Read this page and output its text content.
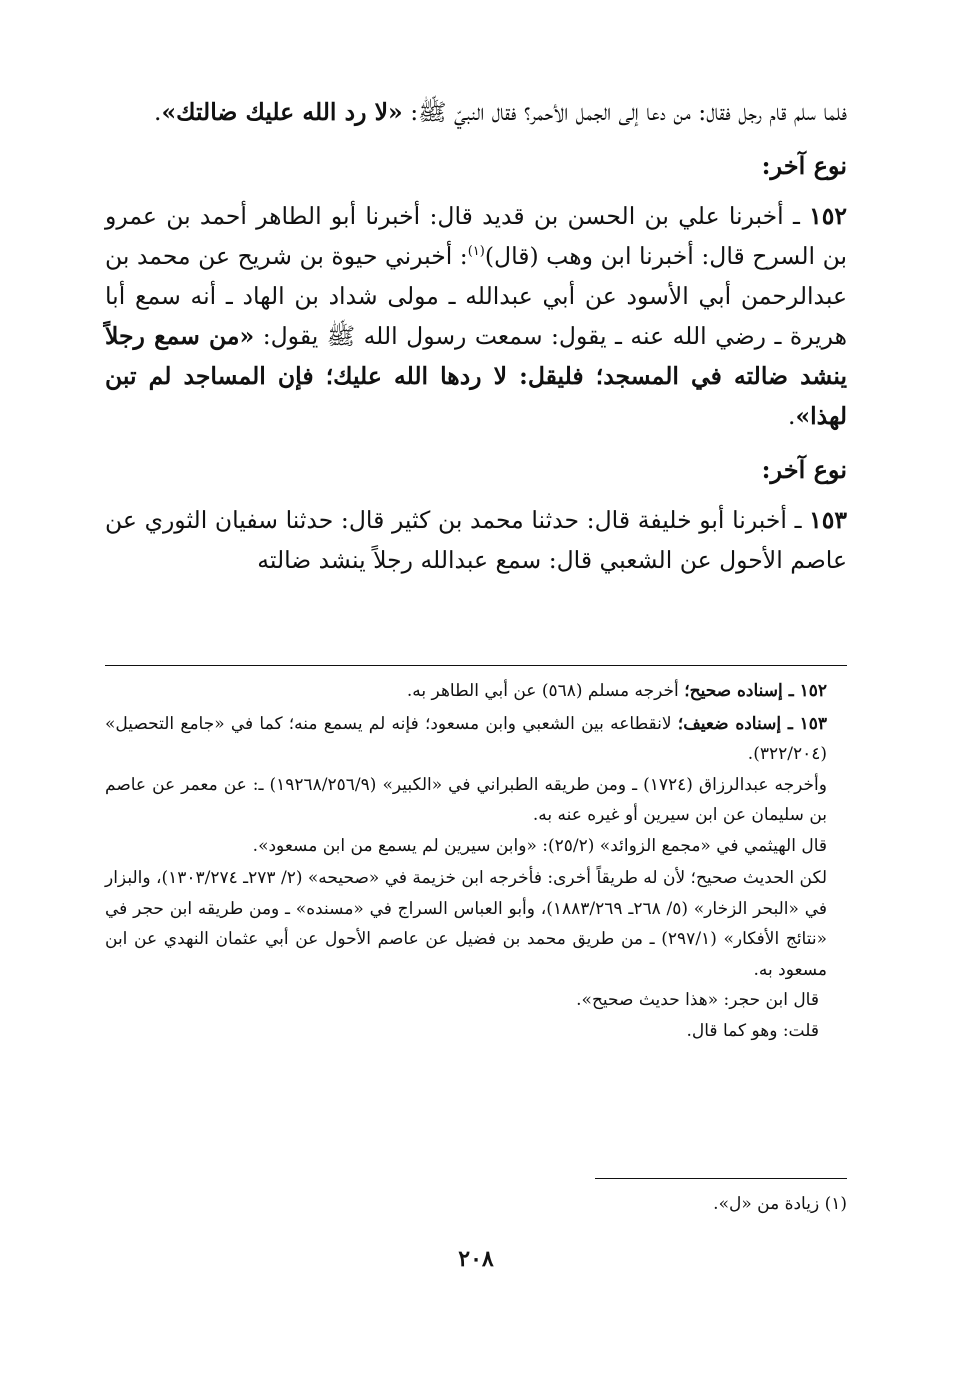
فلما سلم قام رجل فقال: من دعا إلى الجمل الأحمر؟ فقال النبيّ ﷺ: «لا رد الله عليك ضالتك».

نوع آخر:

١٥٢ ـ أخبرنا علي بن الحسن بن قديد قال: أخبرنا أبو الطاهر أحمد بن عمرو بن السرح قال: أخبرنا ابن وهب (قال)$^{(١)}$: أخبرني حيوة بن شريح عن محمد بن عبدالرحمن أبي الأسود عن أبي عبدالله ـ مولى شداد بن الهاد ـ أنه سمع أبا هريرة ـ رضي الله عنه ـ يقول: سمعت رسول الله ﷺ يقول: «من سمع رجلاً ينشد ضالته في المسجد؛ فليقل: لا ردها الله عليك؛ فإن المساجد لم تبن لهذا».

نوع آخر:

١٥٣ ـ أخبرنا أبو خليفة قال: حدثنا محمد بن كثير قال: حدثنا سفيان الثوري عن عاصم الأحول عن الشعبي قال: سمع عبدالله رجلاً ينشد ضالته

١٥٢ ـ إسناده صحيح؛ أخرجه مسلم (٥٦٨) عن أبي الطاهر به.

١٥٣ ـ إسناده ضعيف؛ لانقطاعه بين الشعبي وابن مسعود؛ فإنه لم يسمع منه؛ كما في «جامع التحصيل» (٣٢٢/٢٠٤).

وأخرجه عبدالرزاق (١٧٢٤) ـ ومن طريقه الطبراني في «الكبير» (١٩٢٦٨/٢٥٦/٩) ـ: عن معمر عن عاصم بن سليمان عن ابن سيرين أو غيره عنه به.

قال الهيثمي في «مجمع الزوائد» (٢٥/٢): «وابن سيرين لم يسمع من ابن مسعود».

لكن الحديث صحيح؛ لأن له طريقاً أخرى: فأخرجه ابن خزيمة في «صحيحه» (٢/ ٢٧٣ـ ١٣٠٣/٢٧٤)، والبزار في «البحر الزخار» (٥/ ٢٦٨ـ ١٨٨٣/٢٦٩)، وأبو العباس السراج في «مسنده» ـ ومن طريقه ابن حجر في «نتائج الأفكار» (٢٩٧/١) ـ من طريق محمد بن فضيل عن عاصم الأحول عن أبي عثمان النهدي عن ابن مسعود به.

قال ابن حجر: «هذا حديث صحيح».

قلت: وهو كما قال.

(١) زيادة من «ل».
٢٠٨
